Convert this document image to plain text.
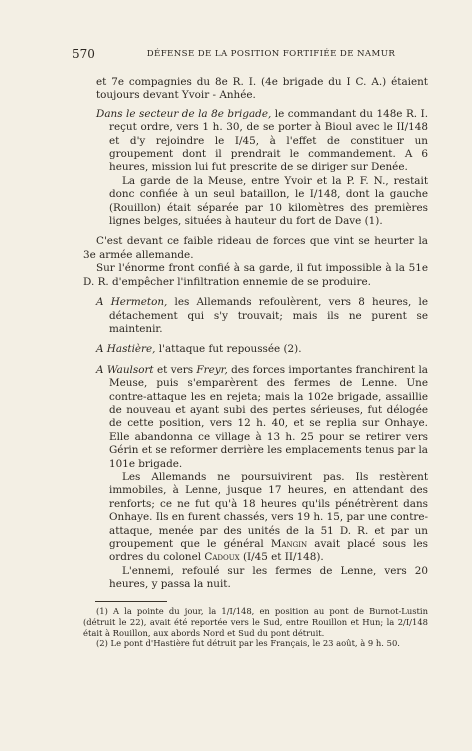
570	DÉFENSE DE LA POSITION FORTIFIÉE DE NAMUR

et 7e compagnies du 8e R. I. (4e brigade du I C. A.) étaient toujours devant Yvoir - Anhée.

Dans le secteur de la 8e brigade, le commandant du 148e R. I. reçut ordre, vers 1 h. 30, de se porter à Bioul avec le II/148 et d'y rejoindre le I/45, à l'effet de constituer un groupement dont il prendrait le commandement. A 6 heures, mission lui fut prescrite de se diriger sur Denée.

La garde de la Meuse, entre Yvoir et la P. F. N., restait donc confiée à un seul bataillon, le I/148, dont la gauche (Rouillon) était séparée par 10 kilomètres des premières lignes belges, situées à hauteur du fort de Dave (1).

C'est devant ce faible rideau de forces que vint se heurter la 3e armée allemande.

Sur l'énorme front confié à sa garde, il fut impossible à la 51e D. R. d'empêcher l'infiltration ennemie de se produire.

A Hermeton, les Allemands refoulèrent, vers 8 heures, le détachement qui s'y trouvait; mais ils ne purent se maintenir.

A Hastière, l'attaque fut repoussée (2).

A Waulsort et vers Freyr, des forces importantes franchirent la Meuse, puis s'emparèrent des fermes de Lenne. Une contre-attaque les en rejeta; mais la 102e brigade, assaillie de nouveau et ayant subi des pertes sérieuses, fut délogée de cette position, vers 12 h. 40, et se replia sur Onhaye. Elle abandonna ce village à 13 h. 25 pour se retirer vers Gérin et se reformer derrière les emplacements tenus par la 101e brigade.

Les Allemands ne poursuivirent pas. Ils restèrent immobiles, à Lenne, jusque 17 heures, en attendant des renforts; ce ne fut qu'à 18 heures qu'ils pénétrèrent dans Onhaye. Ils en furent chassés, vers 19 h. 15, par une contre-attaque, menée par des unités de la 51 D. R. et par un groupement que le général Mangin avait placé sous les ordres du colonel Cadoux (I/45 et II/148).

L'ennemi, refoulé sur les fermes de Lenne, vers 20 heures, y passa la nuit.

(1) A la pointe du jour, la 1/I/148, en position au pont de Burnot-Lustin (détruit le 22), avait été reportée vers le Sud, entre Rouillon et Hun; la 2/I/148 était à Rouillon, aux abords Nord et Sud du pont détruit.

(2) Le pont d'Hastière fut détruit par les Français, le 23 août, à 9 h. 50.
